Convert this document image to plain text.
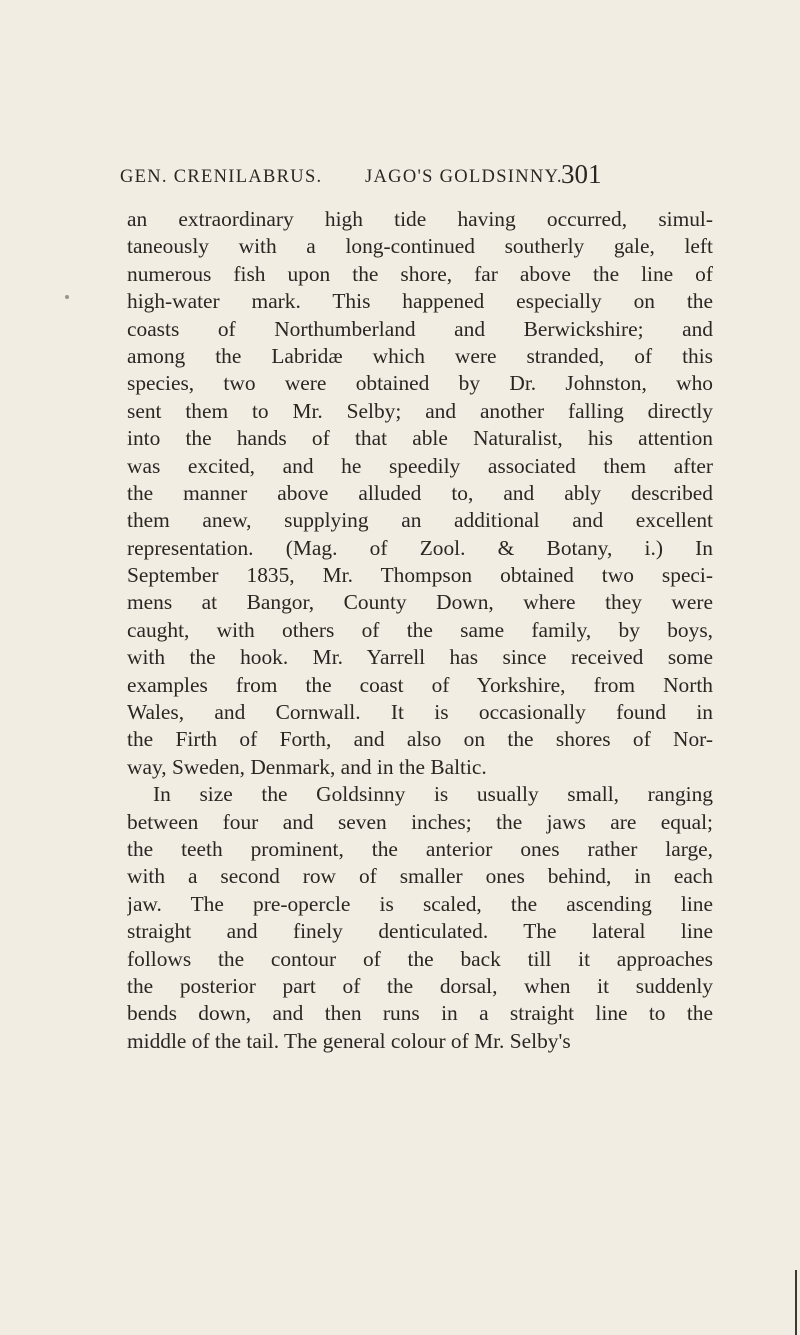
GEN. CRENILABRUS. JAGO'S GOLDSINNY.
301
an extraordinary high tide having occurred, simul-
taneously with a long-continued southerly gale, left
numerous fish upon the shore, far above the line of
high-water mark. This happened especially on the
coasts of Northumberland and Berwickshire; and
among the Labridæ which were stranded, of this
species, two were obtained by Dr. Johnston, who
sent them to Mr. Selby; and another falling directly
into the hands of that able Naturalist, his attention
was excited, and he speedily associated them after
the manner above alluded to, and ably described
them anew, supplying an additional and excellent
representation. (Mag. of Zool. & Botany, i.) In
September 1835, Mr. Thompson obtained two speci-
mens at Bangor, County Down, where they were
caught, with others of the same family, by boys,
with the hook. Mr. Yarrell has since received some
examples from the coast of Yorkshire, from North
Wales, and Cornwall. It is occasionally found in
the Firth of Forth, and also on the shores of Nor-
way, Sweden, Denmark, and in the Baltic.
In size the Goldsinny is usually small, ranging
between four and seven inches; the jaws are equal;
the teeth prominent, the anterior ones rather large,
with a second row of smaller ones behind, in each
jaw. The pre-opercle is scaled, the ascending line
straight and finely denticulated. The lateral line
follows the contour of the back till it approaches
the posterior part of the dorsal, when it suddenly
bends down, and then runs in a straight line to the
middle of the tail. The general colour of Mr. Selby's
